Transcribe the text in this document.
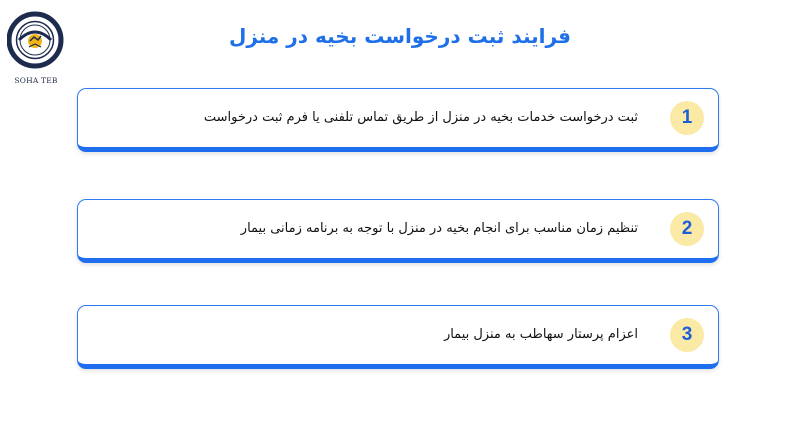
SOHA TEB
فرایند ثبت درخواست بخیه در منزل
ثبت درخواست خدمات بخیه در منزل از طریق تماس تلفنی یا فرم ثبت درخواست	1
تنظیم زمان مناسب برای انجام بخیه در منزل با توجه به برنامه زمانی بیمار	2
اعزام پرستار سهاطب به منزل بیمار	3
